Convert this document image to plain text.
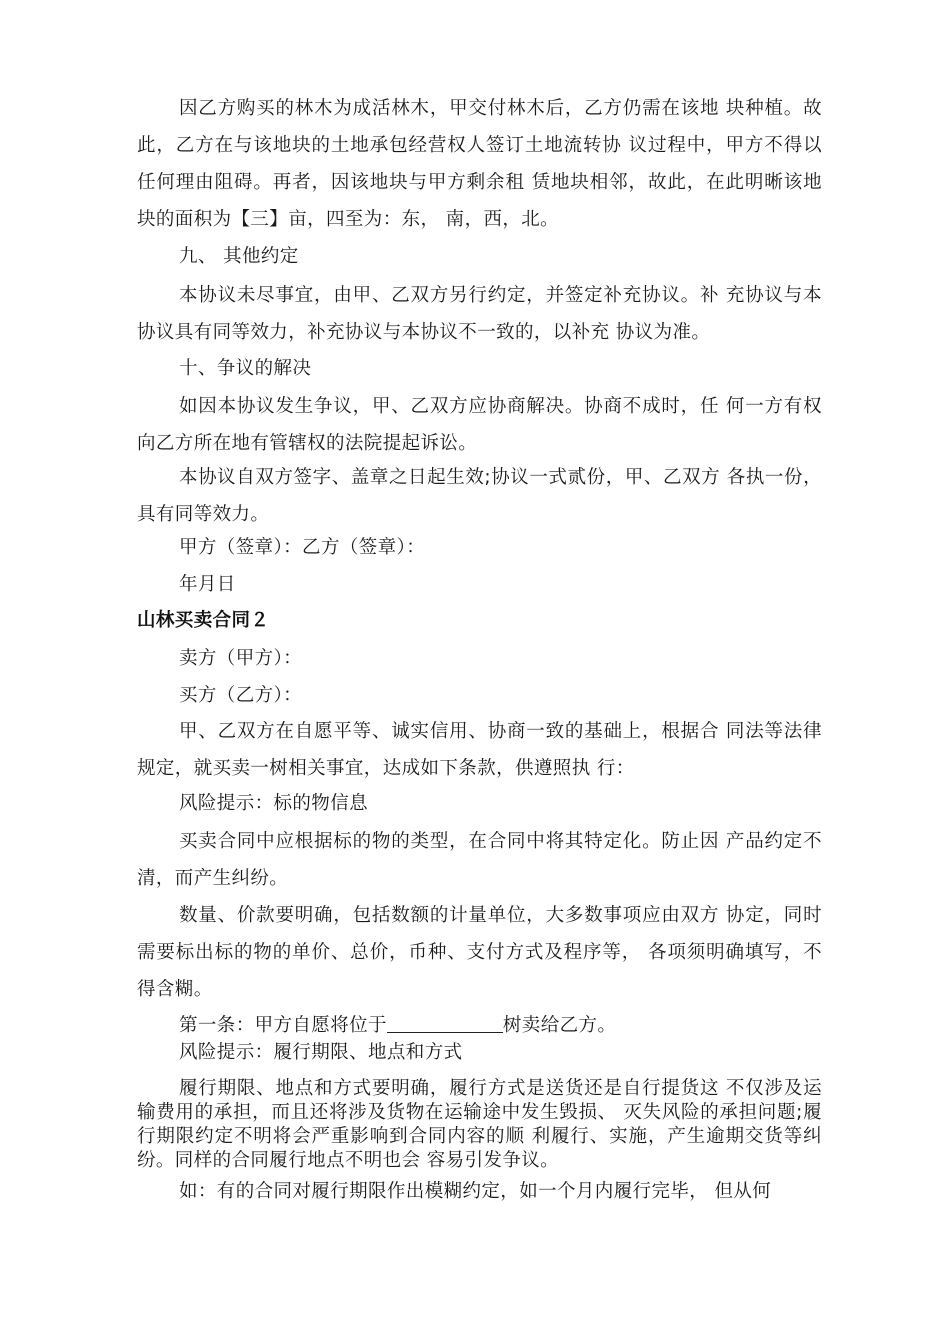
因乙方购买的林木为成活林木，甲交付林木后，乙方仍需在该地 块种植。故此，乙方在与该地块的土地承包经营权人签订土地流转协 议过程中，甲方不得以任何理由阻碍。再者，因该地块与甲方剩余租 赁地块相邻，故此，在此明晰该地块的面积为【三】亩，四至为：东， 南，西，北。

九、 其他约定

本协议未尽事宜，由甲、乙双方另行约定，并签定补充协议。补 充协议与本协议具有同等效力，补充协议与本协议不一致的，以补充 协议为准。

十、争议的解决

如因本协议发生争议，甲、乙双方应协商解决。协商不成时，任 何一方有权向乙方所在地有管辖权的法院提起诉讼。

本协议自双方签字、盖章之日起生效;协议一式贰份，甲、乙双方 各执一份，具有同等效力。

甲方（签章）：乙方（签章）：

年月日

山林买卖合同２

卖方（甲方）：

买方（乙方）：

甲、乙双方在自愿平等、诚实信用、协商一致的基础上，根据合 同法等法律规定，就买卖一树相关事宜，达成如下条款，供遵照执 行：

风险提示：标的物信息

买卖合同中应根据标的物的类型，在合同中将其特定化。防止因 产品约定不清，而产生纠纷。

数量、价款要明确，包括数额的计量单位，大多数事项应由双方 协定，同时需要标出标的物的单价、总价，币种、支付方式及程序等， 各项须明确填写，不得含糊。

第一条：甲方自愿将位于	树卖给乙方。

风险提示：履行期限、地点和方式

履行期限、地点和方式要明确，履行方式是送货还是自行提货这 不仅涉及运输费用的承担，而且还将涉及货物在运输途中发生毁损、 灭失风险的承担问题;履行期限约定不明将会严重影响到合同内容的顺 利履行、实施，产生逾期交货等纠纷。同样的合同履行地点不明也会 容易引发争议。

如：有的合同对履行期限作出模糊约定，如一个月内履行完毕， 但从何
